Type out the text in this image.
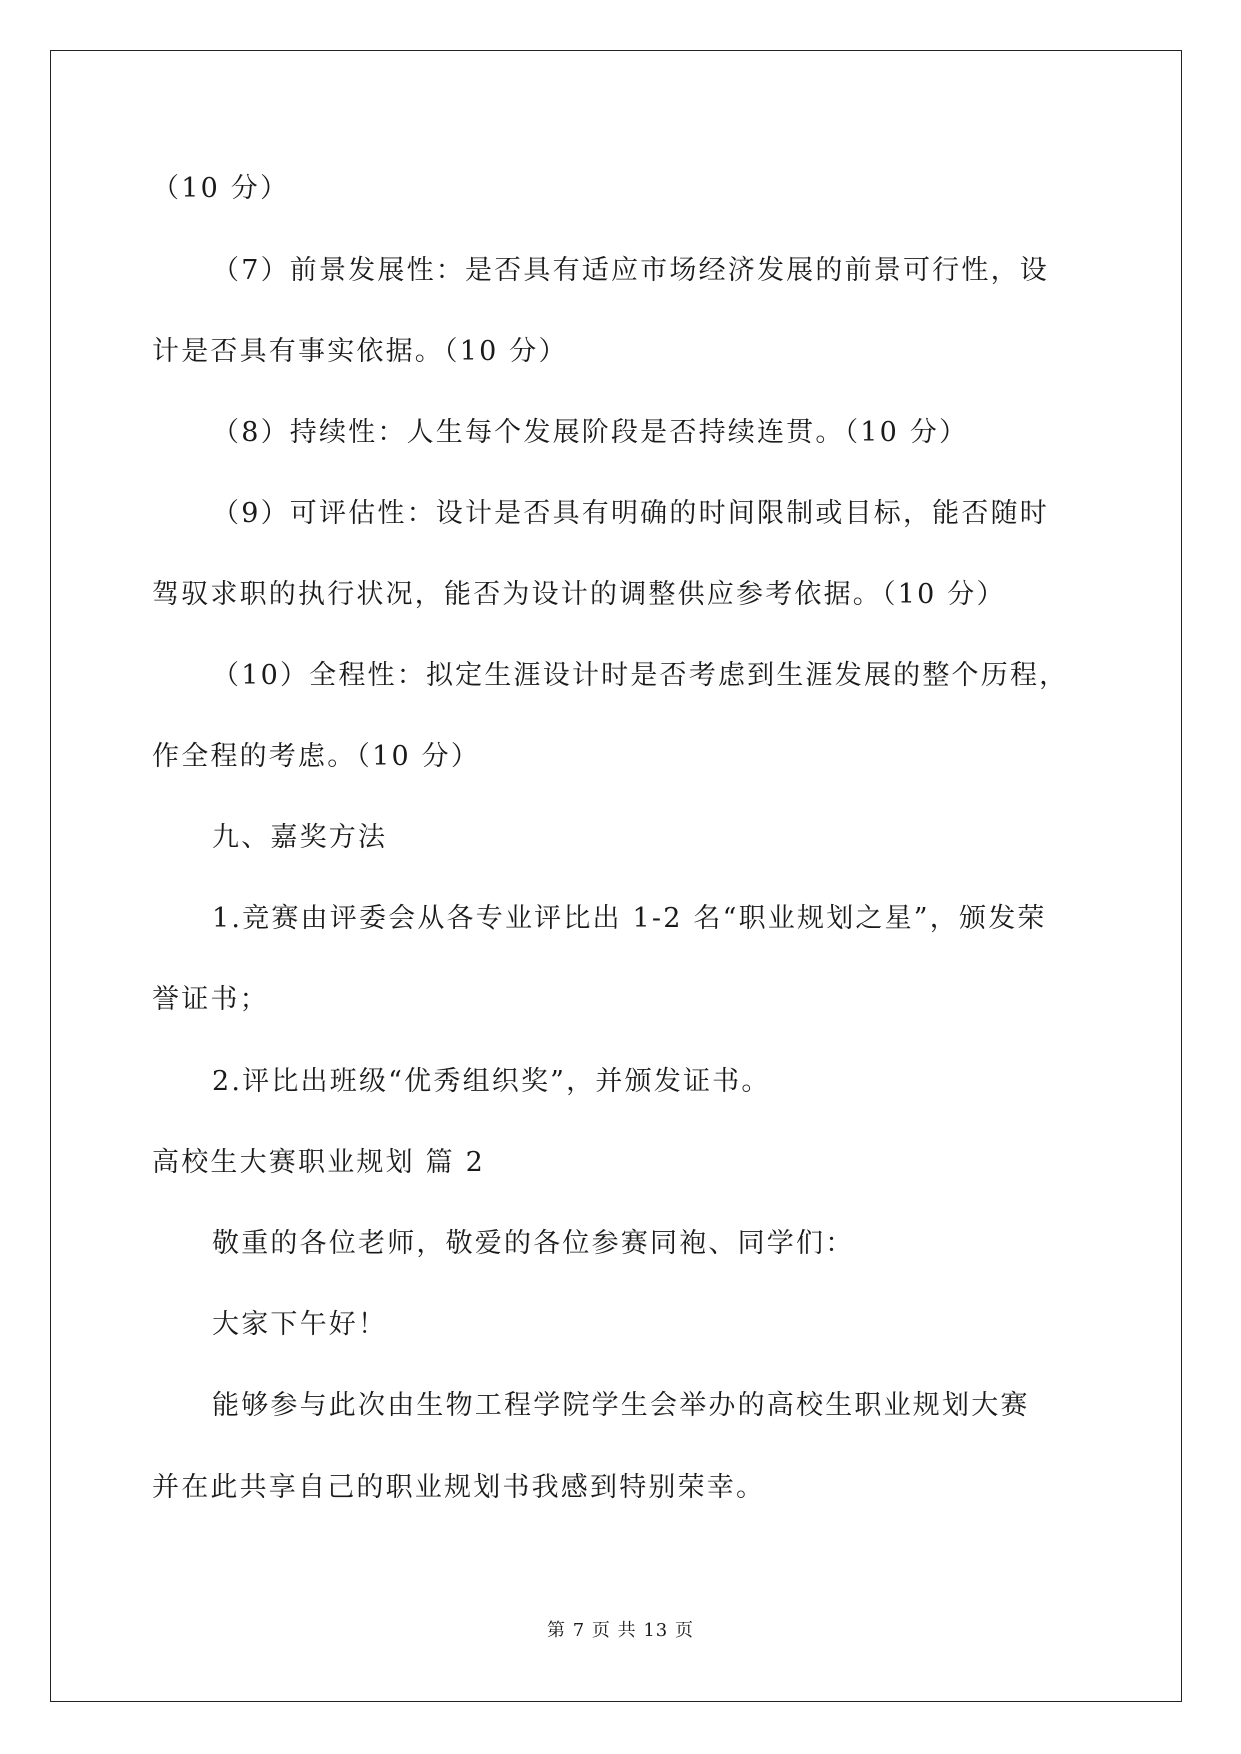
（10 分）
（7）前景发展性：是否具有适应市场经济发展的前景可行性，设
计是否具有事实依据。（10 分）
（8）持续性：人生每个发展阶段是否持续连贯。（10 分）
（9）可评估性：设计是否具有明确的时间限制或目标，能否随时
驾驭求职的执行状况，能否为设计的调整供应参考依据。（10 分）
（10）全程性：拟定生涯设计时是否考虑到生涯发展的整个历程，
作全程的考虑。（10 分）
九、嘉奖方法
1.竞赛由评委会从各专业评比出 1-2 名“职业规划之星”，颁发荣
誉证书；
2.评比出班级“优秀组织奖”，并颁发证书。
高校生大赛职业规划 篇 2
敬重的各位老师，敬爱的各位参赛同袍、同学们：
大家下午好！
能够参与此次由生物工程学院学生会举办的高校生职业规划大赛
并在此共享自己的职业规划书我感到特别荣幸。
第 7 页 共 13 页
